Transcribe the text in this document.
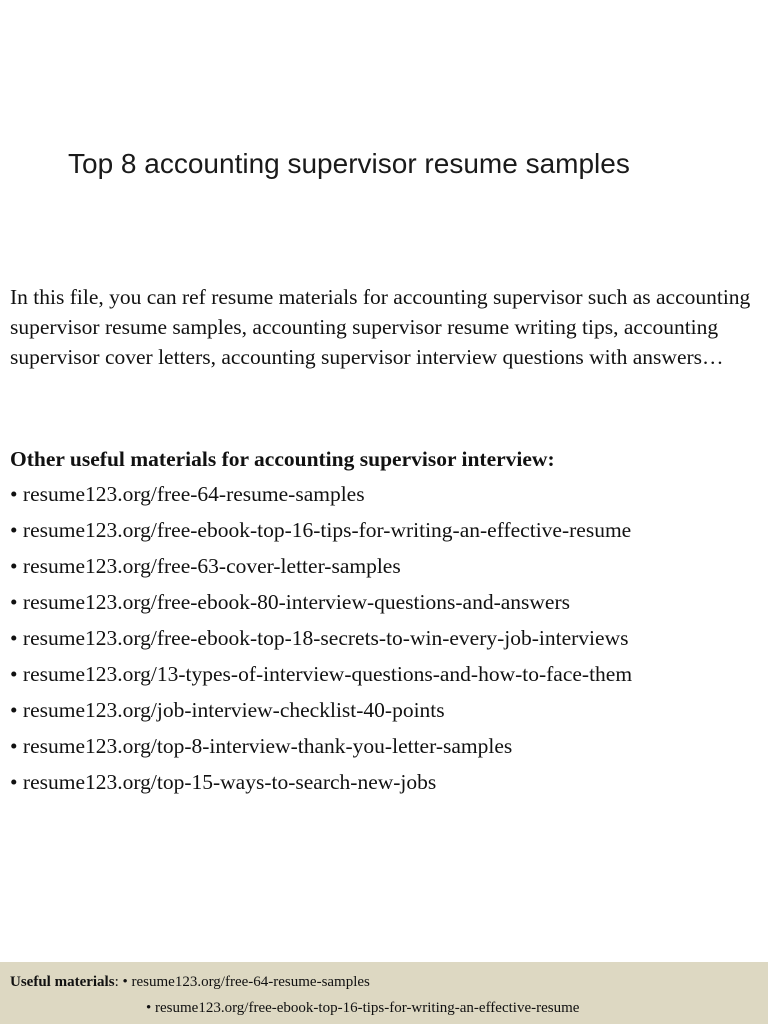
Top 8 accounting supervisor resume samples

In this file, you can ref resume materials for accounting supervisor such as accounting supervisor resume samples, accounting supervisor resume writing tips, accounting supervisor cover letters, accounting supervisor interview questions with answers…

Other useful materials for accounting supervisor interview:
• resume123.org/free-64-resume-samples
• resume123.org/free-ebook-top-16-tips-for-writing-an-effective-resume
• resume123.org/free-63-cover-letter-samples
• resume123.org/free-ebook-80-interview-questions-and-answers
• resume123.org/free-ebook-top-18-secrets-to-win-every-job-interviews
• resume123.org/13-types-of-interview-questions-and-how-to-face-them
• resume123.org/job-interview-checklist-40-points
• resume123.org/top-8-interview-thank-you-letter-samples
• resume123.org/top-15-ways-to-search-new-jobs
Useful materials: • resume123.org/free-64-resume-samples
• resume123.org/free-ebook-top-16-tips-for-writing-an-effective-resume
